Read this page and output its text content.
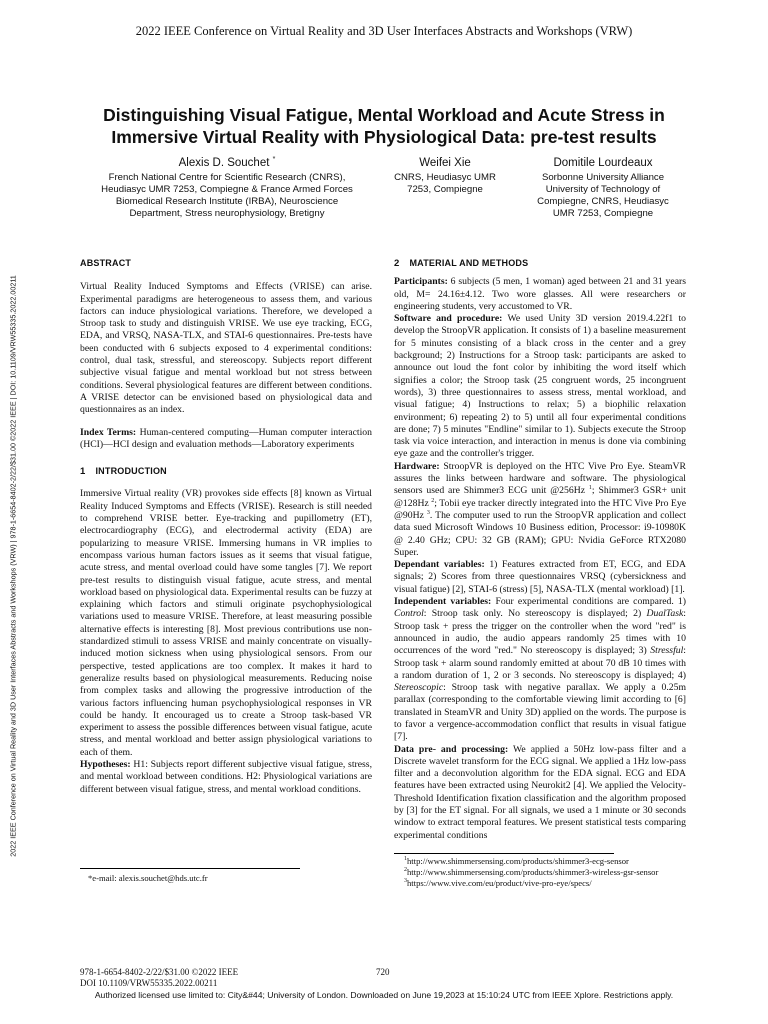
2022 IEEE Conference on Virtual Reality and 3D User Interfaces Abstracts and Workshops (VRW)
Distinguishing Visual Fatigue, Mental Workload and Acute Stress in
Immersive Virtual Reality with Physiological Data: pre-test results
Alexis D. Souchet *
French National Centre for Scientific Research (CNRS),
Heudiasyc UMR 7253, Compiegne & France Armed Forces
Biomedical Research Institute (IRBA), Neuroscience
Department, Stress neurophysiology, Bretigny
Weifei Xie
CNRS, Heudiasyc UMR
7253, Compiegne
Domitile Lourdeaux
Sorbonne University Alliance
University of Technology of
Compiegne, CNRS, Heudiasyc
UMR 7253, Compiegne
2022 IEEE Conference on Virtual Reality and 3D User Interfaces Abstracts and Workshops (VRW) | 978-1-6654-8402-2/22/$31.00 ©2022 IEEE | DOI: 10.1109/VRW55335.2022.00211
ABSTRACT

Virtual Reality Induced Symptoms and Effects (VRISE) can arise. Experimental paradigms are heterogeneous to assess them, and various factors can induce physiological variations. Therefore, we developed a Stroop task to study and distinguish VRISE. We use eye tracking, ECG, EDA, and VRSQ, NASA-TLX, and STAI-6 questionnaires. Pre-tests have been conducted with 6 subjects exposed to 4 experimental conditions: control, dual task, stressful, and stereoscopy. Subjects report different subjective visual fatigue and mental workload but not stress between conditions. Several physiological features are different between conditions. A VRISE detector can be envisioned based on physiological data and questionnaires as an index.

Index Terms: Human-centered computing—Human computer interaction (HCI)—HCI design and evaluation methods—Laboratory experiments

1 INTRODUCTION

Immersive Virtual reality (VR) provokes side effects [8] known as Virtual Reality Induced Symptoms and Effects (VRISE). Research is still needed to comprehend VRISE better. Eye-tracking and pupillometry (ET), electrocardiography (ECG), and electrodermal activity (EDA) are popularizing to measure VRISE. Immersing humans in VR implies to encompass various human factors issues as it seems that visual fatigue, acute stress, and mental overload could have some tangles [7]. We report pre-test results to distinguish visual fatigue, acute stress, and mental workload based on physiological data. Experimental results can be fuzzy at explaining which factors and stimuli originate psychophysiological variations used to measure VRISE. Therefore, at least measuring possible alternative effects is interesting [8]. Most previous contributions use non-standardized stimuli to assess VRISE and mainly concentrate on visually-induced motion sickness when using physiological sensors. From our perspective, tested applications are too complex. It makes it hard to generalize results based on physiological measurements. Reducing noise from complex tasks and allowing the progressive introduction of the various factors influencing human psychophysiological responses in VR could be handy. It encouraged us to create a Stroop task-based VR experiment to assess the possible differences between visual fatigue, acute stress, and mental workload and better assign physiological variations to each of them.

Hypotheses: H1: Subjects report different subjective visual fatigue, stress, and mental workload between conditions. H2: Physiological variations are different between visual fatigue, stress, and mental workload conditions.

*e-mail: alexis.souchet@hds.utc.fr
2 MATERIAL AND METHODS

Participants: 6 subjects (5 men, 1 woman) aged between 21 and 31 years old, M= 24.16±4.12. Two wore glasses. All were researchers or engineering students, very accustomed to VR.

Software and procedure: We used Unity 3D version 2019.4.22f1 to develop the StroopVR application. It consists of 1) a baseline measurement for 5 minutes consisting of a black cross in the center and a grey background; 2) Instructions for a Stroop task: participants are asked to announce out loud the font color by inhibiting the word itself which signifies a color; the Stroop task (25 congruent words, 25 incongruent words), 3) three questionnaires to assess stress, mental workload, and visual fatigue; 4) Instructions to relax; 5) a biophilic relaxation environment; 6) repeating 2) to 5) until all four experimental conditions are done; 7) 5 minutes "Endline" similar to 1). Subjects execute the Stroop task via voice interaction, and interaction in menus is done via combining eye gaze and the controller's trigger.

Hardware: StroopVR is deployed on the HTC Vive Pro Eye. SteamVR assures the links between hardware and software. The physiological sensors used are Shimmer3 ECG unit @256Hz $^1$; Shimmer3 GSR+ unit @128Hz $^2$; Tobii eye tracker directly integrated into the HTC Vive Pro Eye @90Hz $^3$. The computer used to run the StroopVR application and collect data sued Microsoft Windows 10 Business edition, Processor: i9-10980K @ 2.40 GHz; CPU: 32 GB (RAM); GPU: Nvidia GeForce RTX2080 Super.

Dependant variables: 1) Features extracted from ET, ECG, and EDA signals; 2) Scores from three questionnaires VRSQ (cybersickness and visual fatigue) [2], STAI-6 (stress) [5], NASA-TLX (mental workload) [1].

Independent variables: Four experimental conditions are compared. 1) Control: Stroop task only. No stereoscopy is displayed; 2) DualTask: Stroop task + press the trigger on the controller when the word "red" is announced in audio, the audio appears randomly 25 times with 10 occurrences of the word "red." No stereoscopy is displayed; 3) Stressful: Stroop task + alarm sound randomly emitted at about 70 dB 10 times with a random duration of 1, 2 or 3 seconds. No stereoscopy is displayed; 4) Stereoscopic: Stroop task with negative parallax. We apply a 0.25m parallax (corresponding to the comfortable viewing limit according to [6] translated in SteamVR and Unity 3D) applied on the words. The purpose is to favor a vergence-accommodation conflict that results in visual fatigue [7].

Data pre- and processing: We applied a 50Hz low-pass filter and a Discrete wavelet transform for the ECG signal. We applied a 1Hz low-pass filter and a deconvolution algorithm for the EDA signal. ECG and EDA features have been extracted using Neurokit2 [4]. We applied the Velocity-Threshold Identification fixation classification and the algorithm proposed by [3] for the ET signal. For all signals, we used a 1 minute or 30 seconds window to extract temporal features. We present statistical tests comparing experimental conditions

$^1$http://www.shimmersensing.com/products/shimmer3-ecg-sensor
$^2$http://www.shimmersensing.com/products/shimmer3-wireless-gsr-sensor
$^3$https://www.vive.com/eu/product/vive-pro-eye/specs/
978-1-6654-8402-2/22/$31.00 ©2022 IEEE
DOI 10.1109/VRW55335.2022.00211
720
Authorized licensed use limited to: City&#44; University of London. Downloaded on June 19,2023 at 15:10:24 UTC from IEEE Xplore. Restrictions apply.
